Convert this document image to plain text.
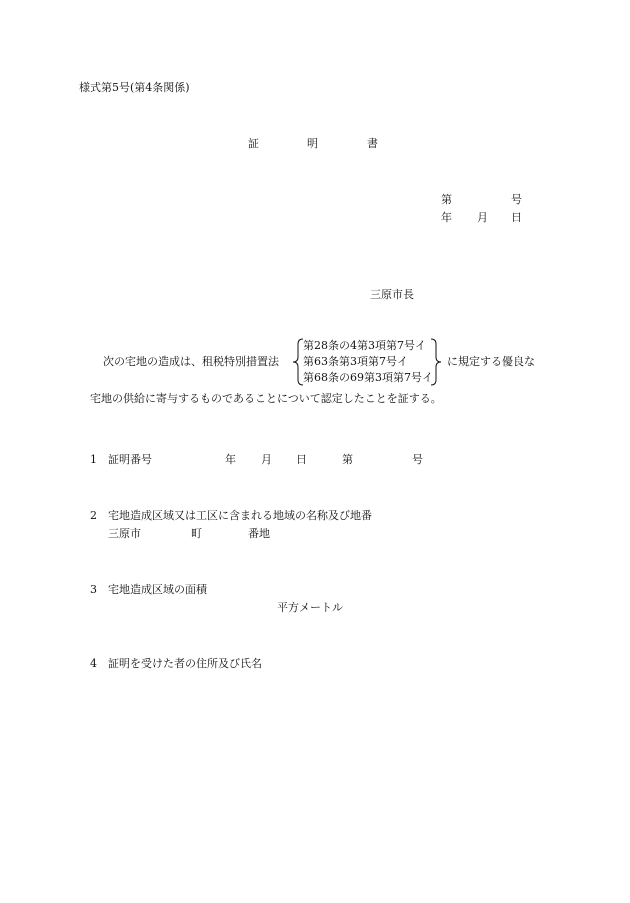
様式第5号(第4条関係)
証	明	書
第	号
年 月 日
三原市長
次の宅地の造成は、租税特別措置法
第28条の4第3項第7号イ
第63条第3項第7号イ
第68条の69第3項第7号イ
に規定する優良な
宅地の供給に寄与するものであることについて認定したことを証する。
1 証明番号	年 月 日	第	号
2 宅地造成区域又は工区に含まれる地域の名称及び地番
三原市	町	番地
3 宅地造成区域の面積
平方メートル
4 証明を受けた者の住所及び氏名
